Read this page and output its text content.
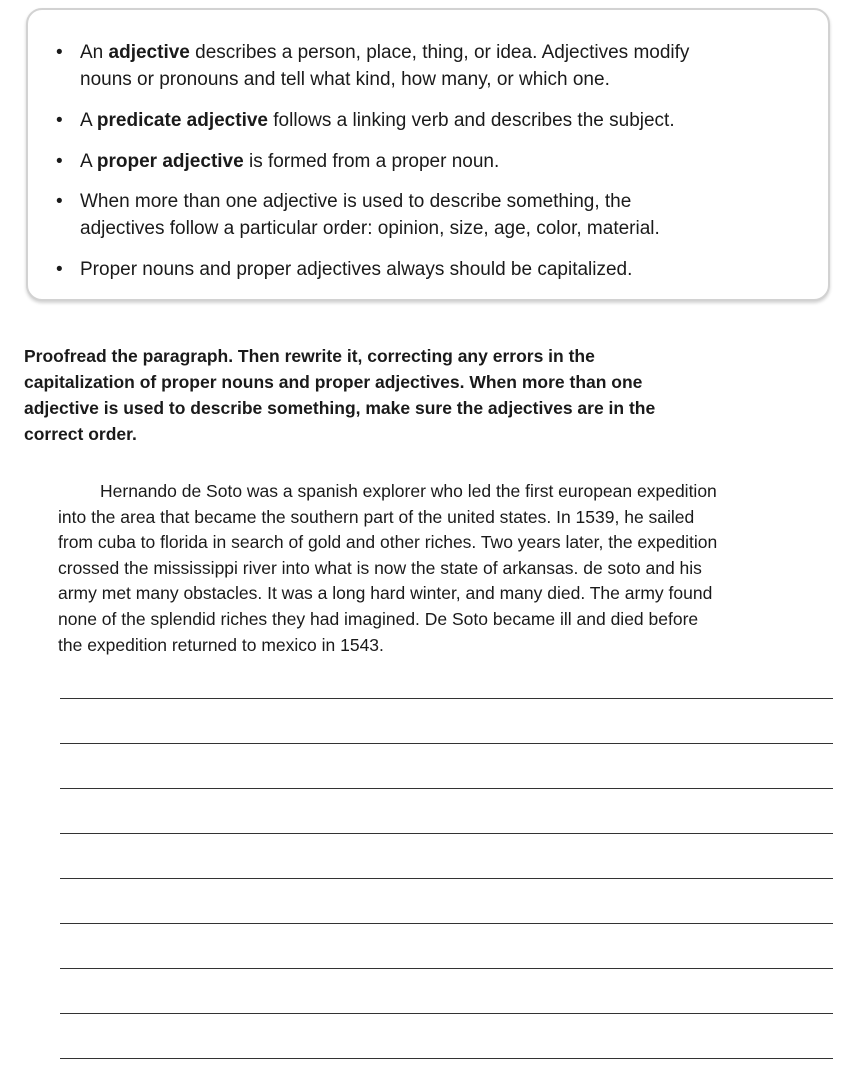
• An adjective describes a person, place, thing, or idea. Adjectives modify
nouns or pronouns and tell what kind, how many, or which one.
• A predicate adjective follows a linking verb and describes the subject.
• A proper adjective is formed from a proper noun.
• When more than one adjective is used to describe something, the
adjectives follow a particular order: opinion, size, age, color, material.
• Proper nouns and proper adjectives always should be capitalized.
Proofread the paragraph. Then rewrite it, correcting any errors in the
capitalization of proper nouns and proper adjectives. When more than one
adjective is used to describe something, make sure the adjectives are in the
correct order.
Hernando de Soto was a spanish explorer who led the first european expedition
into the area that became the southern part of the united states. In 1539, he sailed
from cuba to florida in search of gold and other riches. Two years later, the expedition
crossed the mississippi river into what is now the state of arkansas. de soto and his
army met many obstacles. It was a long hard winter, and many died. The army found
none of the splendid riches they had imagined. De Soto became ill and died before
the expedition returned to mexico in 1543.
